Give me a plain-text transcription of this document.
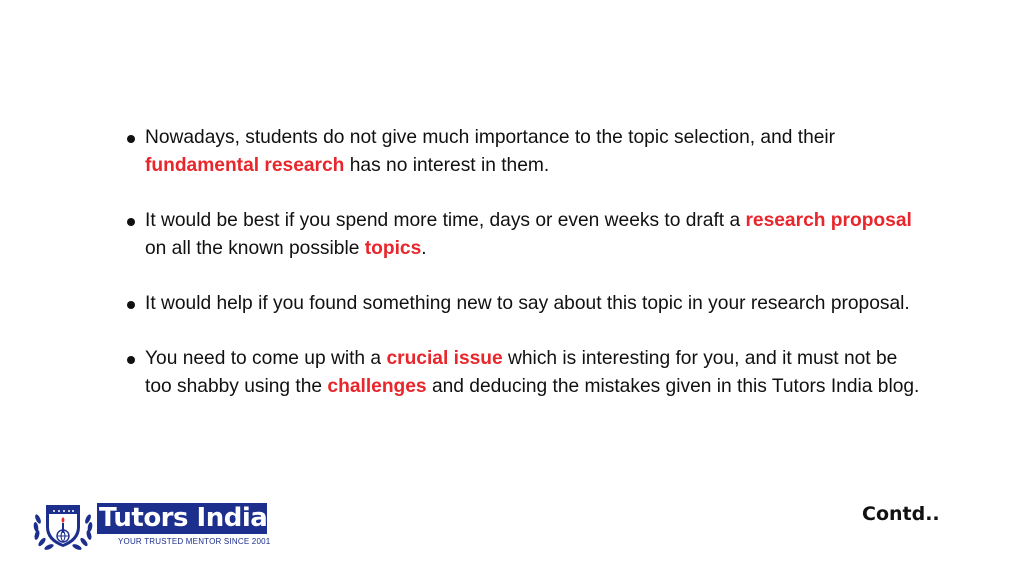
Nowadays, students do not give much importance to the topic selection, and their fundamental research has no interest in them.
It would be best if you spend more time, days or even weeks to draft a research proposal on all the known possible topics.
It would help if you found something new to say about this topic in your research proposal.
You need to come up with a crucial issue which is interesting for you, and it must not be too shabby using the challenges and deducing the mistakes given in this Tutors India blog.
Tutors India
YOUR TRUSTED MENTOR SINCE 2001
Contd..
